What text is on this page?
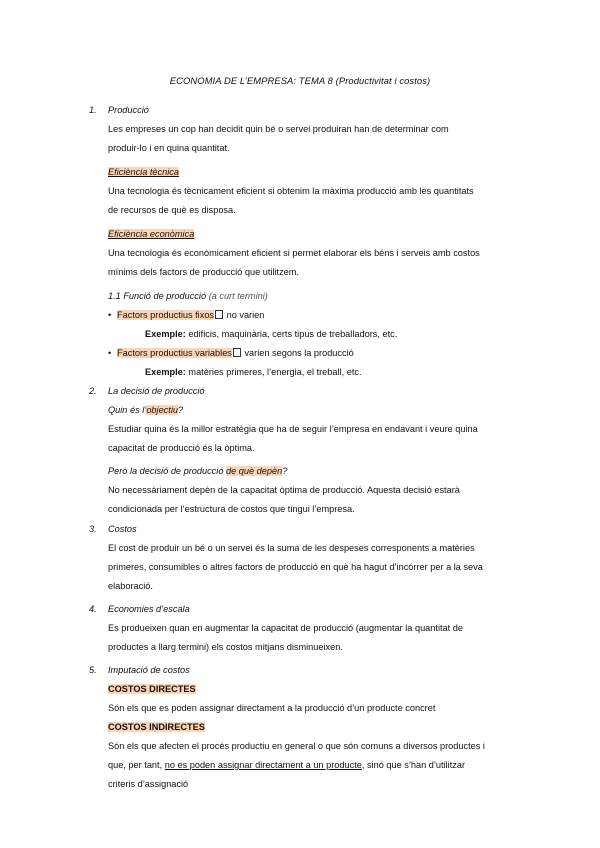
ECONOMIA DE L’EMPRESA: TEMA 8 (Productivitat i costos)
1. Producció
Les empreses un cop han decidit quin bé o servei produiran han de determinar com
produir-lo i en quina quantitat.
Eficiència tècnica
Una tecnologia és tècnicament eficient si obtenim la màxima producció amb les quantitats
de recursos de què es disposa.
Eficiència econòmica
Una tecnologia és econòmicament eficient si permet elaborar els béns i serveis amb costos
mínims dels factors de producció que utilitzem.
1.1 Funció de producció (a curt termini)
• Factors productius fixos no varien
Exemple: edificis, maquinària, certs tipus de treballadors, etc.
• Factors productius variables varien segons la producció
Exemple: matèries primeres, l’energia, el treball, etc.
2. La decisió de producció
Quin és l’objectiu?
Estudiar quina és la millor estratègia que ha de seguir l’empresa en endavant i veure quina
capacitat de producció és la òptima.
Però la decisió de producció de què depèn?
No necessàriament depèn de la capacitat òptima de producció. Aquesta decisió estarà
condicionada per l’estructura de costos que tingui l’empresa.
3. Costos
El cost de produir un bé o un servei és la suma de les despeses corresponents a matèries
primeres, consumibles o altres factors de producció en què ha hagut d’incórrer per a la seva
elaboració.
4. Economies d’escala
Es produeixen quan en augmentar la capacitat de producció (augmentar la quantitat de
productes a llarg termini) els costos mitjans disminueixen.
5. Imputació de costos
COSTOS DIRECTES
Són els que es poden assignar directament a la producció d’un producte concret
COSTOS INDIRECTES
Són els que afecten el procés productiu en general o que són comuns a diversos productes i
que, per tant, no es poden assignar directament a un producte, sinó que s’han d’utilitzar
criteris d’assignació
